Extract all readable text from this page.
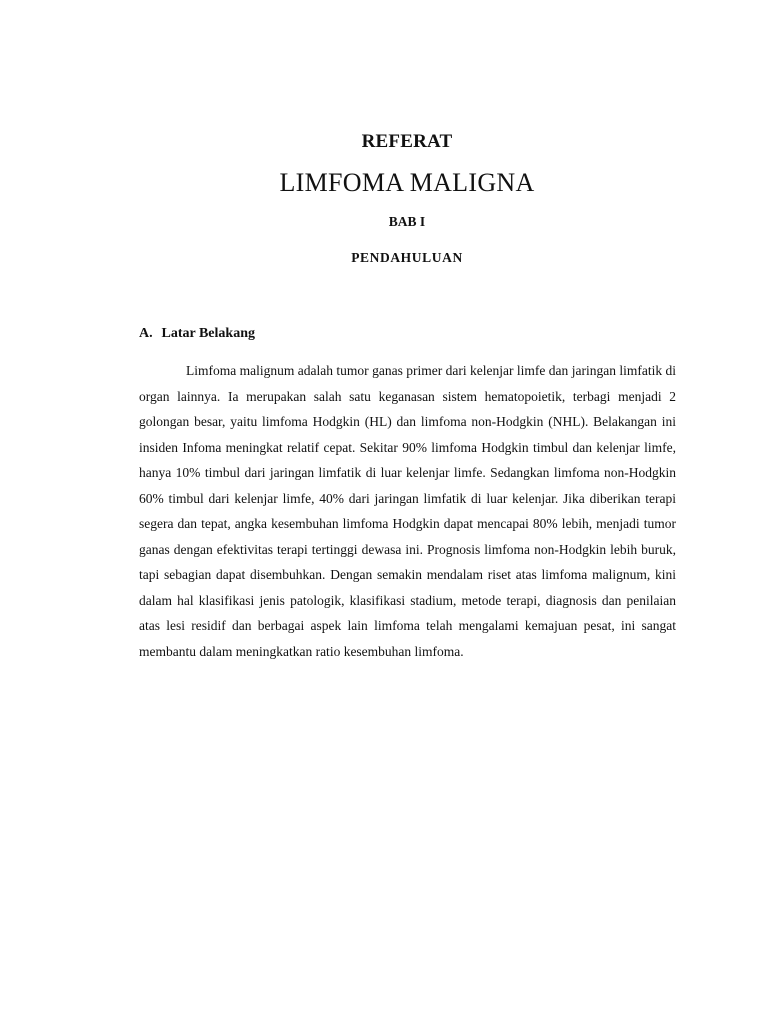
REFERAT
LIMFOMA MALIGNA
BAB I
PENDAHULUAN
A. Latar Belakang

Limfoma malignum adalah tumor ganas primer dari kelenjar limfe dan jaringan limfatik di organ lainnya. Ia merupakan salah satu keganasan sistem hematopoietik, terbagi menjadi 2 golongan besar, yaitu limfoma Hodgkin (HL) dan limfoma non-Hodgkin (NHL). Belakangan ini insiden Infoma meningkat relatif cepat. Sekitar 90% limfoma Hodgkin timbul dan kelenjar limfe, hanya 10% timbul dari jaringan limfatik di luar kelenjar limfe. Sedangkan limfoma non-Hodgkin 60% timbul dari kelenjar limfe, 40% dari jaringan limfatik di luar kelenjar. Jika diberikan terapi segera dan tepat, angka kesembuhan limfoma Hodgkin dapat mencapai 80% lebih, menjadi tumor ganas dengan efektivitas terapi tertinggi dewasa ini. Prognosis limfoma non-Hodgkin lebih buruk, tapi sebagian dapat disembuhkan. Dengan semakin mendalam riset atas limfoma malignum, kini dalam hal klasifikasi jenis patologik, klasifikasi stadium, metode terapi, diagnosis dan penilaian atas lesi residif dan berbagai aspek lain limfoma telah mengalami kemajuan pesat, ini sangat membantu dalam meningkatkan ratio kesembuhan limfoma.
